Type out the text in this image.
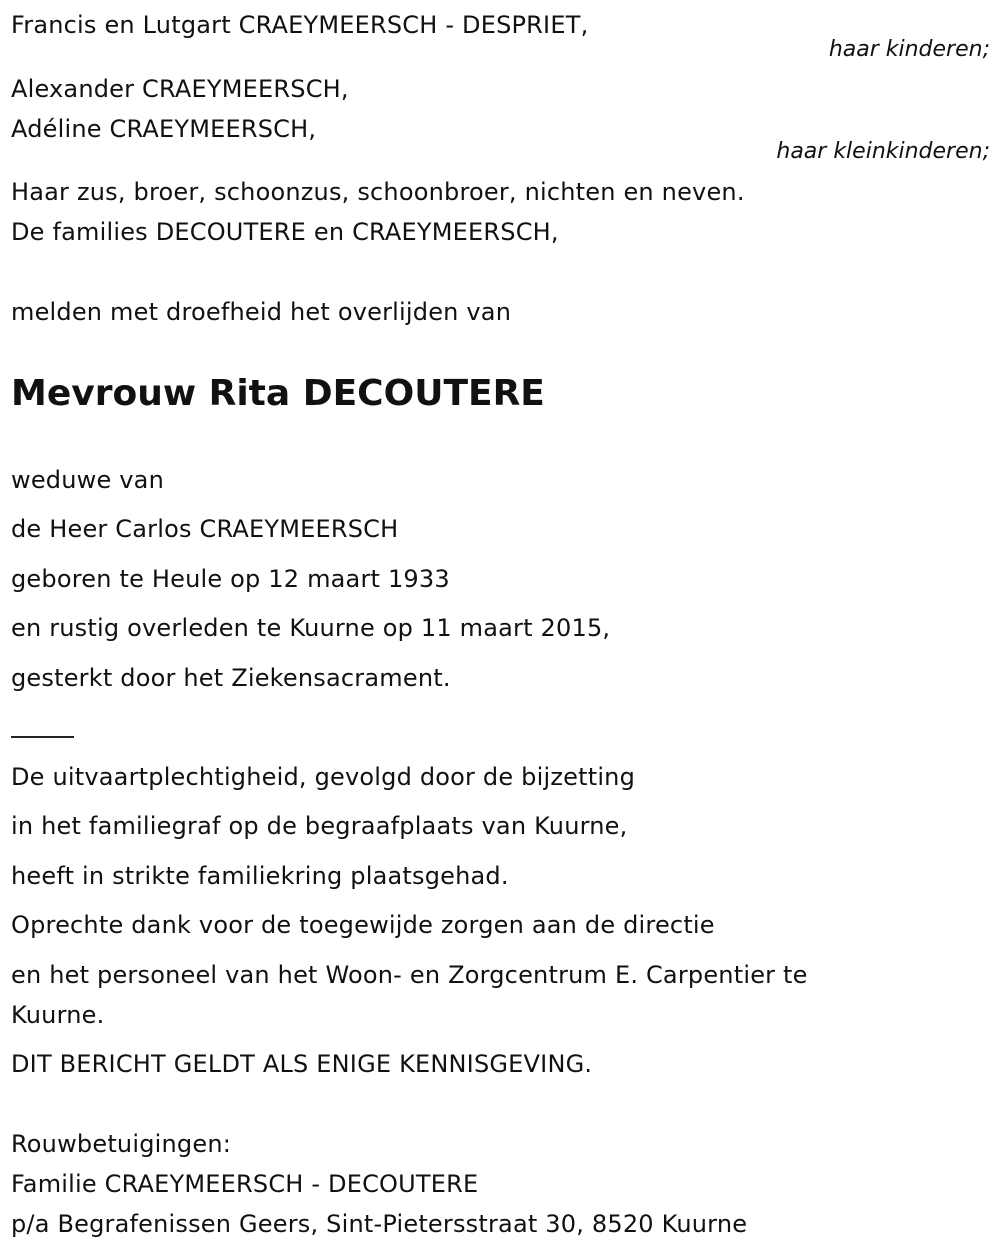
Francis en Lutgart CRAEYMEERSCH - DESPRIET,
haar kinderen;
Alexander CRAEYMEERSCH,
Adéline CRAEYMEERSCH,
haar kleinkinderen;
Haar zus, broer, schoonzus, schoonbroer, nichten en neven.
De families DECOUTERE en CRAEYMEERSCH,
melden met droefheid het overlijden van
Mevrouw Rita DECOUTERE
weduwe van
de Heer Carlos CRAEYMEERSCH
geboren te Heule op 12 maart 1933
en rustig overleden te Kuurne op 11 maart 2015,
gesterkt door het Ziekensacrament.
De uitvaartplechtigheid, gevolgd door de bijzetting
in het familiegraf op de begraafplaats van Kuurne,
heeft in strikte familiekring plaatsgehad.
Oprechte dank voor de toegewijde zorgen aan de directie
en het personeel van het Woon- en Zorgcentrum E. Carpentier te
Kuurne.
DIT BERICHT GELDT ALS ENIGE KENNISGEVING.
Rouwbetuigingen:
Familie CRAEYMEERSCH - DECOUTERE
p/a Begrafenissen Geers, Sint-Pietersstraat 30, 8520 Kuurne
